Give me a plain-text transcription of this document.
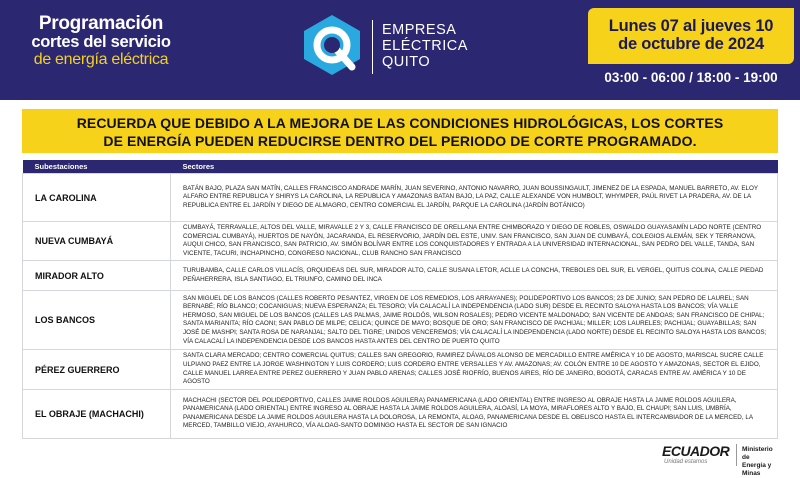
Programación
cortes del servicio
de energía eléctrica
EMPRESA
ELÉCTRICA
QUITO
Lunes 07 al jueves 10
de octubre de 2024
03:00 - 06:00 / 18:00 - 19:00
RECUERDA QUE DEBIDO A LA MEJORA DE LAS CONDICIONES HIDROLÓGICAS, LOS CORTES
DE ENERGÍA PUEDEN REDUCIRSE DENTRO DEL PERIODO DE CORTE PROGRAMADO.
Subestaciones	Sectores
LA CAROLINA	BATÁN BAJO, PLAZA SAN MATÍN, CALLES FRANCISCO ANDRADE MARÍN, JUAN SEVERINO, ANTONIO NAVARRO, JUAN BOUSSINGAULT, JIMENEZ DE LA ESPADA, MANUEL BARRETO, AV. ELOY ALFARO ENTRE REPUBLICA Y SHIRYS LA CAROLINA, LA REPUBLICA Y AMAZONAS BATAN BAJO, LA PAZ, CALLE ALEXANDE VON HUMBOLT, WHYMPER, PAÚL RIVET LA PRADERA, AV. DE LA REPUBLICA ENTRE EL JARDÍN Y DIEGO DE ALMAGRO, CENTRO COMERCIAL EL JARDÍN, PARQUE LA CAROLINA (JARDÍN BOTÁNICO)
NUEVA CUMBAYÁ	CUMBAYÁ, TERRAVALLE, ALTOS DEL VALLE, MIRAVALLE 2 Y 3, CALLE FRANCISCO DE ORELLANA ENTRE CHIMBORAZO Y DIEGO DE ROBLES, OSWALDO GUAYASAMÍN LADO NORTE (CENTRO COMERCIAL CUMBAYÁ), HUERTOS DE NAYÓN, JACARANDA, EL RESERVORIO, JARDÍN DEL ESTE, UNIV. SAN FRANCISCO, SAN JUAN DE CUMBAYÁ, COLEGIOS ALEMÁN, SEK Y TERRANOVA, AUQUI CHICO, SAN FRANCISCO, SAN PATRICIO, AV. SIMÓN BOLÍVAR ENTRE LOS CONQUISTADORES Y ENTRADA A LA UNIVERSIDAD INTERNACIONAL, SAN PEDRO DEL VALLE, TANDA, SAN VICENTE, TACURI, INCHAPINCHO, CONGRESO NACIONAL, CLUB RANCHO SAN FRANCISCO
MIRADOR ALTO	TURUBAMBA, CALLE CARLOS VILLACÍS, ORQUIDEAS DEL SUR, MIRADOR ALTO, CALLE SUSANA LETOR, ACLLE LA CONCHA, TREBOLES DEL SUR, EL VERGEL, QUITUS COLINA, CALLE PIEDAD PEÑAHERRERA, ISLA SANTIAGO, EL TRIUNFO, CAMINO DEL INCA
LOS BANCOS	SAN MIGUEL DE LOS BANCOS (CALLES ROBERTO PESANTEZ, VIRGEN DE LOS REMEDIOS, LOS ARRAYANES); POLIDEPORTIVO LOS BANCOS; 23 DE JUNIO; SAN PEDRO DE LAUREL; SAN BERNABÉ; RÍO BLANCO; COCANIGUAS; NUEVA ESPERANZA; EL TESORO; VÍA CALACALÍ LA INDEPENDENCIA (LADO SUR) DESDE EL RECINTO SALOYA HASTA LOS BANCOS; VÍA VALLE HERMOSO, SAN MIGUEL DE LOS BANCOS (CALLES LAS PALMAS, JAIME ROLDÓS, WILSON ROSALES); PEDRO VICENTE MALDONADO; SAN VICENTE DE ANDOAS; SAN FRANCISCO DE CHIPAL; SANTA MARIANITA; RÍO CAONI; SAN PABLO DE MILPE; CELICA; QUINCE DE MAYO; BOSQUE DE ORO; SAN FRANCISCO DE PACHIJAL; MILLER; LOS LAURELES; PACHIJAL; GUAYABILLAS; SAN JOSÉ DE MASHPI; SANTA ROSA DE NARANJAL; SALTO DEL TIGRE; UNIDOS VENCEREMOS; VÍA CALACALÍ LA INDEPENDENCIA (LADO NORTE) DESDE EL RECINTO SALOYA HASTA LOS BANCOS; VÍA CALACALÍ LA INDEPENDENCIA DESDE LOS BANCOS HASTA ANTES DEL CENTRO DE PUERTO QUITO
PÉREZ GUERRERO	SANTA CLARA MERCADO; CENTRO COMERCIAL QUITUS; CALLES SAN GREGORIO, RAMIREZ DÁVALOS ALONSO DE MERCADILLO ENTRE AMÉRICA Y 10 DE AGOSTO, MARISCAL SUCRE CALLE ULPIANO PAEZ ENTRE LA JORGE WASHINGTON Y LUIS CORDERO; LUIS CORDERO ENTRE VERSALLES Y AV. AMAZONAS; AV. COLÓN ENTRE 10 DE AGOSTO Y AMAZONAS, SECTOR EL EJIDO, CALLE MANUEL LARREA ENTRE PEREZ GUERRERO Y JUAN PABLO ARENAS; CALLES JOSÉ RIOFRÍO, BUENOS AIRES, RÍO DE JANEIRO, BOGOTÁ, CARACAS ENTRE AV. AMÉRICA Y 10 DE AGOSTO
EL OBRAJE (MACHACHI)	MACHACHI (SECTOR DEL POLIDEPORTIVO, CALLES JAIME ROLDOS AGUILERA) PANAMERICANA (LADO ORIENTAL) ENTRE INGRESO AL OBRAJE HASTA LA JAIME ROLDOS AGUILERA, PANAMERICANA (LADO ORIENTAL) ENTRE INGRESO AL OBRAJE HASTA LA JAIME ROLDOS AGUILERA, ALOASÍ, LA MOYA, MIRAFLORES ALTO Y BAJO, EL CHAUPI; SAN LUIS, UMBRÍA, PANAMERICANA DESDE LA JAIME ROLDOS AGUILERA HASTA LA DOLOROSA, LA REMONTA, ALOAG, PANAMERICANA DESDE EL OBELISCO HASTA EL INTERCAMBIADOR DE LA MERCED, LA MERCED, TAMBILLO VIEJO, AYAHURCO, VÍA ALOAG-SANTO DOMINGO HASTA EL SECTOR DE SAN IGNACIO
ECUADOR
Unidad estamos
Ministerio de
Energía y Minas
